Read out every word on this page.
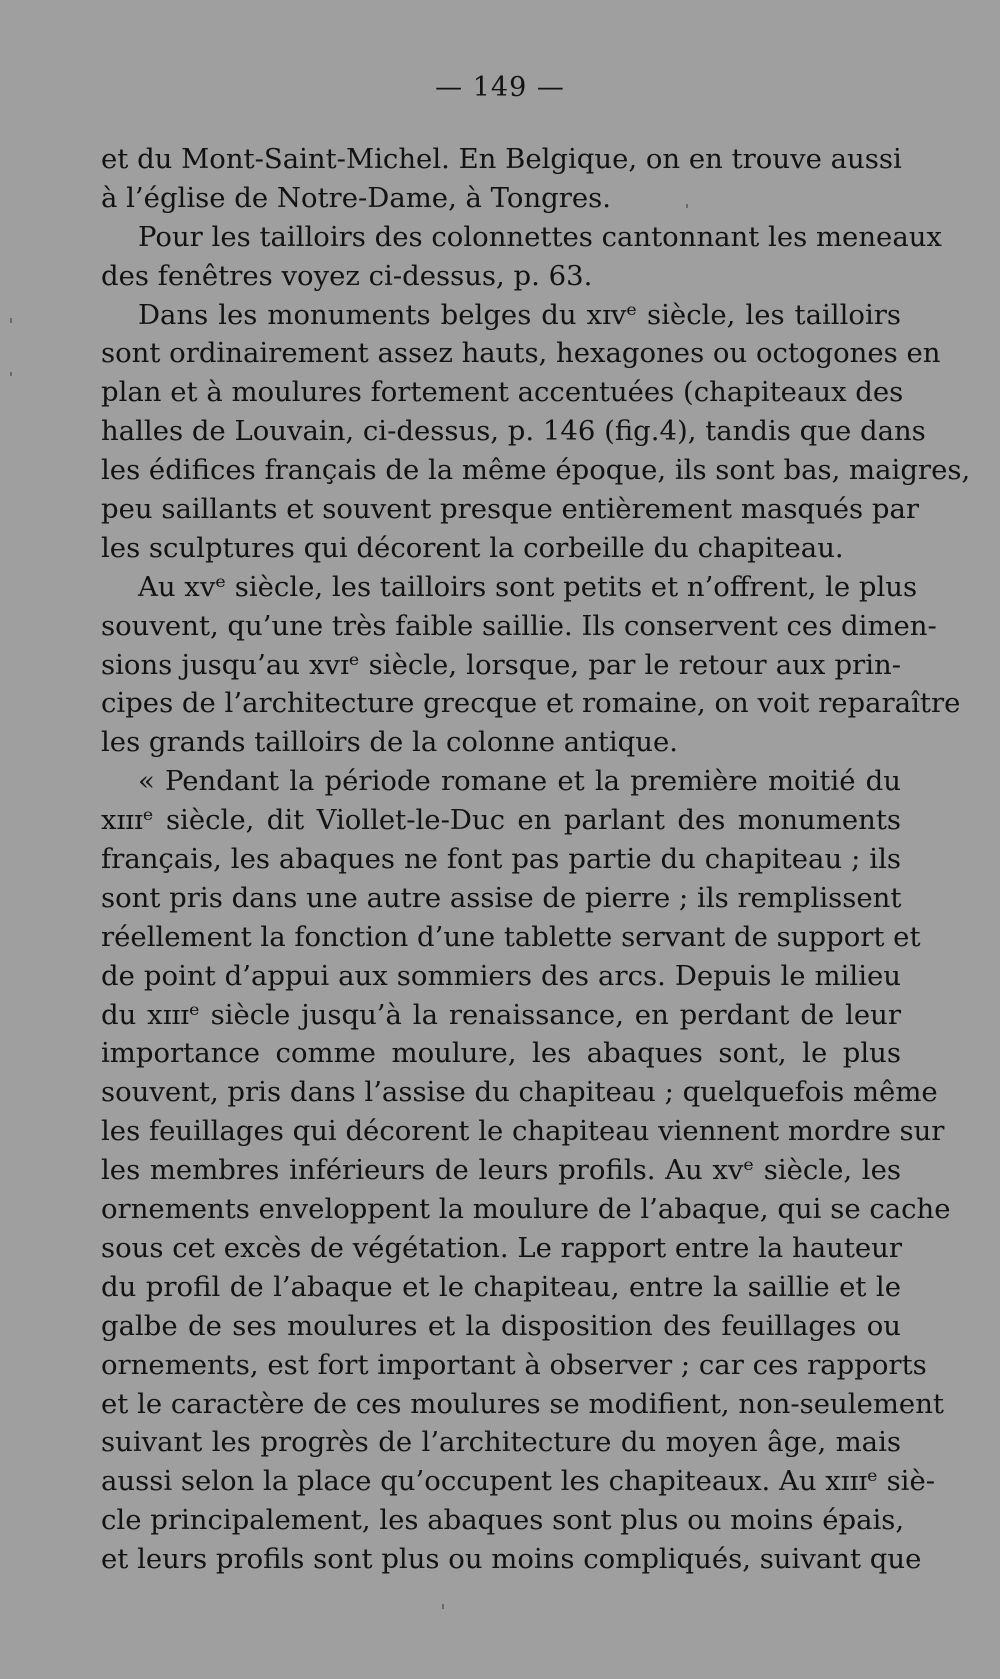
— 149 —
et du Mont-Saint-Michel. En Belgique, on en trouve aussi
à l’église de Notre-Dame, à Tongres.
Pour les tailloirs des colonnettes cantonnant les meneaux
des fenêtres voyez ci-dessus, p. 63.
Dans les monuments belges du xɪᴠᵉ siècle, les tailloirs
sont ordinairement assez hauts, hexagones ou octogones en
plan et à moulures fortement accentuées (chapiteaux des
halles de Louvain, ci-dessus, p. 146 (fig.4), tandis que dans
les édifices français de la même époque, ils sont bas, maigres,
peu saillants et souvent presque entièrement masqués par
les sculptures qui décorent la corbeille du chapiteau.
Au xᴠᵉ siècle, les tailloirs sont petits et n’offrent, le plus
souvent, qu’une très faible saillie. Ils conservent ces dimen-
sions jusqu’au xᴠɪᵉ siècle, lorsque, par le retour aux prin-
cipes de l’architecture grecque et romaine, on voit reparaître
les grands tailloirs de la colonne antique.
« Pendant la période romane et la première moitié du
xɪɪɪᵉ siècle, dit Viollet-le-Duc en parlant des monuments
français, les abaques ne font pas partie du chapiteau ; ils
sont pris dans une autre assise de pierre ; ils remplissent
réellement la fonction d’une tablette servant de support et
de point d’appui aux sommiers des arcs. Depuis le milieu
du xɪɪɪᵉ siècle jusqu’à la renaissance, en perdant de leur
importance comme moulure, les abaques sont, le plus
souvent, pris dans l’assise du chapiteau ; quelquefois même
les feuillages qui décorent le chapiteau viennent mordre sur
les membres inférieurs de leurs profils. Au xᴠᵉ siècle, les
ornements enveloppent la moulure de l’abaque, qui se cache
sous cet excès de végétation. Le rapport entre la hauteur
du profil de l’abaque et le chapiteau, entre la saillie et le
galbe de ses moulures et la disposition des feuillages ou
ornements, est fort important à observer ; car ces rapports
et le caractère de ces moulures se modifient, non-seulement
suivant les progrès de l’architecture du moyen âge, mais
aussi selon la place qu’occupent les chapiteaux. Au xɪɪɪᵉ siè-
cle principalement, les abaques sont plus ou moins épais,
et leurs profils sont plus ou moins compliqués, suivant que
